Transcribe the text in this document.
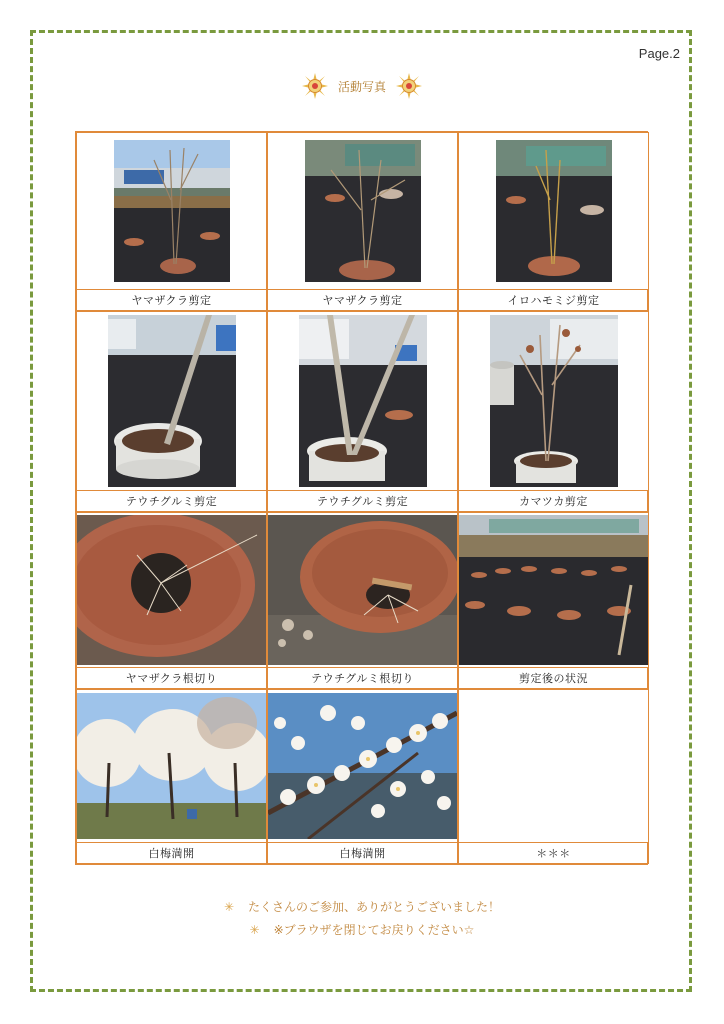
Page.2
活動写真
ヤマザクラ剪定	ヤマザクラ剪定	イロハモミジ剪定
テウチグルミ剪定	テウチグルミ剪定	カマツカ剪定
ヤマザクラ根切り	テウチグルミ根切り	剪定後の状況
白梅満開	白梅満開	＊＊＊
✳ たくさんのご参加、ありがとうございました！
✳ ※ブラウザを閉じてお戻りください☆
